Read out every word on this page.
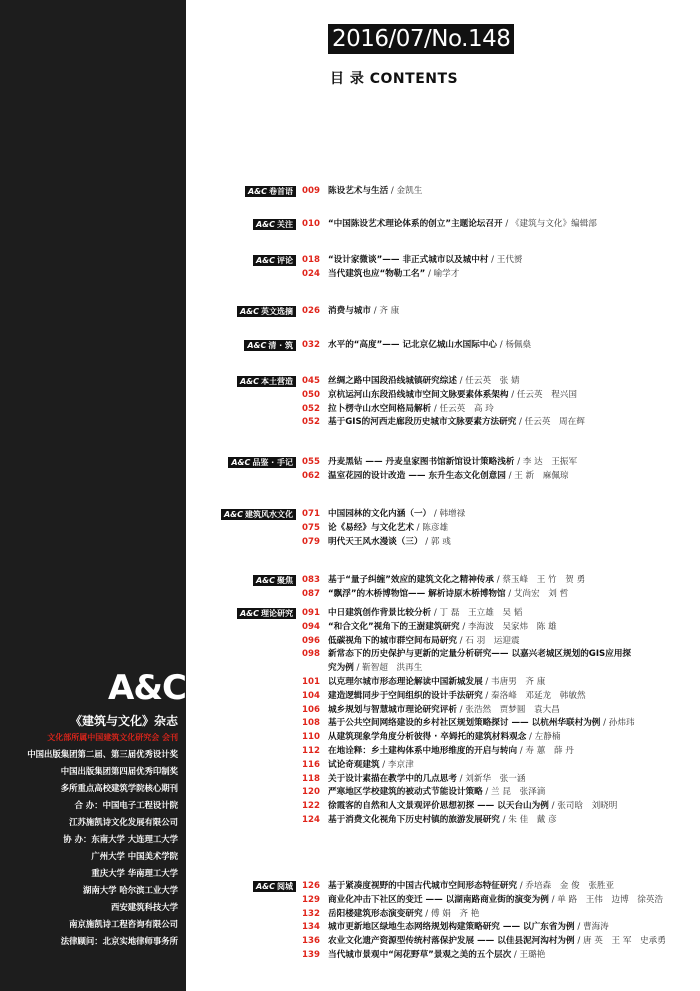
A&C
《建筑与文化》杂志
文化部所属中国建筑文化研究会 会刊
中国出版集团第二届、第三届优秀设计奖
中国出版集团第四届优秀印制奖
多所重点高校建筑学院核心期刊
合 办：中国电子工程设计院
江苏施凯诗文化发展有限公司
协 办：东南大学 大连理工大学
广州大学 中国美术学院
重庆大学 华南理工大学
湖南大学 哈尔滨工业大学
西安建筑科技大学
南京施凯诗工程咨询有限公司
法律顾问：北京实地律师事务所
2016/07/No.148
目 录 CONTENTS
A&C 卷首语	009 陈设艺术与生活 / 金凯生
A&C 关注	010 “中国陈设艺术理论体系的创立”主题论坛召开 / 《建筑与文化》编辑部
A&C 评论	018 “设计家微谈”—— 非正式城市以及城中村 / 王代赟
024 当代建筑也应“物勒工名” / 喻学才
A&C 英文选摘	026 消费与城市 / 齐 康
A&C 清 · 筑	032 水平的“高度”—— 记北京亿城山水国际中心 / 杨佩燊
A&C 本土营造	045 丝绸之路中国段沿线城镇研究综述 / 任云英　张 婧
050 京杭运河山东段沿线城市空间文脉要素体系架构 / 任云英　程兴国
052 拉卜楞寺山水空间格局解析 / 任云英　高 玲
052 基于GIS的河西走廊段历史城市文脉要素方法研究 / 任云英　周在辉
A&C 品鉴 · 手记	055 丹麦黑钻 —— 丹麦皇家图书馆新馆设计策略浅析 / 李 达　王振军
062 温室花园的设计改造 —— 东升生态文化创意园 / 王 新　麻佩琼
A&C 建筑风水文化	071 中国园林的文化内涵（一） / 韩增禄
075 论《易经》与文化艺术 / 陈彦雄
079 明代天王风水漫谈（三） / 郭 彧
A&C 聚焦	083 基于“量子纠缠”效应的建筑文化之精神传承 / 蔡玉峰　王 竹　贺 勇
087 “飘浮”的木桥博物馆—— 解析诗原木桥博物馆 / 艾尚宏　刘 哲
A&C 理论研究	091 中日建筑创作背景比较分析 / 丁 磊　王立雄　吴 韬
094 “和合文化”视角下的王澍建筑研究 / 李海波　吴家炜　陈 雄
096 低碳视角下的城市群空间布局研究 / 石 羽　运迎震
098 新常态下的历史保护与更新的定量分析研究—— 以嘉兴老城区规划的GIS应用探
究为例 / 靳智超　洪再生
101 以克理尔城市形态理论解读中国新城发展 / 韦唐男　齐 康
104 建造逻辑同步于空间组织的设计手法研究 / 秦洛峰　邓延龙　韩敏然
106 城乡规划与智慧城市理论研究评析 / 张浩然　贾梦圆　袁大昌
108 基于公共空间网络建设的乡村社区规划策略探讨 —— 以杭州华联村为例 / 孙炜玮
110 从建筑现象学角度分析彼得 · 卒姆托的建筑材料观念 / 左静楠
112 在地诠释：乡土建构体系中地形维度的开启与转向 / 寿 蕙　薛 丹
116 试论奇观建筑 / 李京津
118 关于设计素描在教学中的几点思考 / 刘新华　张一涵
120 严寒地区学校建筑的被动式节能设计策略 / 兰 昆　张泽滴
122 徐霞客的自然和人文景观评价思想初探 —— 以天台山为例 / 张司晗　刘晓明
124 基于消费文化视角下历史村镇的旅游发展研究 / 朱 佳　戴 彦
A&C 阅城	126 基于紧凑度视野的中国古代城市空间形态特征研究 / 乔培森　金 俊　张胜亚
129 商业化冲击下社区的变迁 —— 以湖南路商业街的演变为例 / 单 路　王伟　边博　徐英浩
132 岳阳楼建筑形态演变研究 / 傅 娟　齐 艳
134 城市更新地区绿地生态网络规划构建策略研究 —— 以广东省为例 / 曹海涛
136 农业文化遗产资源型传统村落保护发展 —— 以佳县泥河沟村为例 / 唐 英　王 军　史承勇
139 当代城市景观中“闲花野草”景观之美的五个层次 / 王璐艳
